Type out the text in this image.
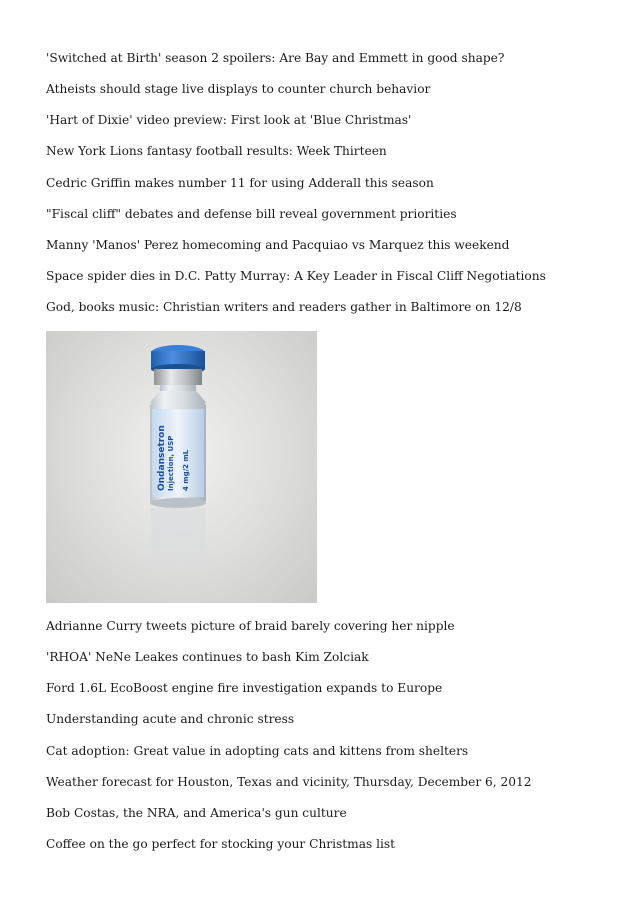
'Switched at Birth' season 2 spoilers: Are Bay and Emmett in good shape?

Atheists should stage live displays to counter church behavior

'Hart of Dixie' video preview: First look at 'Blue Christmas'

New York Lions fantasy football results: Week Thirteen

Cedric Griffin makes number 11 for using Adderall this season

"Fiscal cliff" debates and defense bill reveal government priorities

Manny 'Manos' Perez homecoming and Pacquiao vs Marquez this weekend

Space spider dies in D.C. Patty Murray: A Key Leader in Fiscal Cliff Negotiations

God, books music: Christian writers and readers gather in Baltimore on 12/8

Ondansetron Injection, USP 4 mg/2 mL

Adrianne Curry tweets picture of braid barely covering her nipple

'RHOA' NeNe Leakes continues to bash Kim Zolciak

Ford 1.6L EcoBoost engine fire investigation expands to Europe

Understanding acute and chronic stress

Cat adoption: Great value in adopting cats and kittens from shelters

Weather forecast for Houston, Texas and vicinity, Thursday, December 6, 2012

Bob Costas, the NRA, and America's gun culture

Coffee on the go perfect for stocking your Christmas list
